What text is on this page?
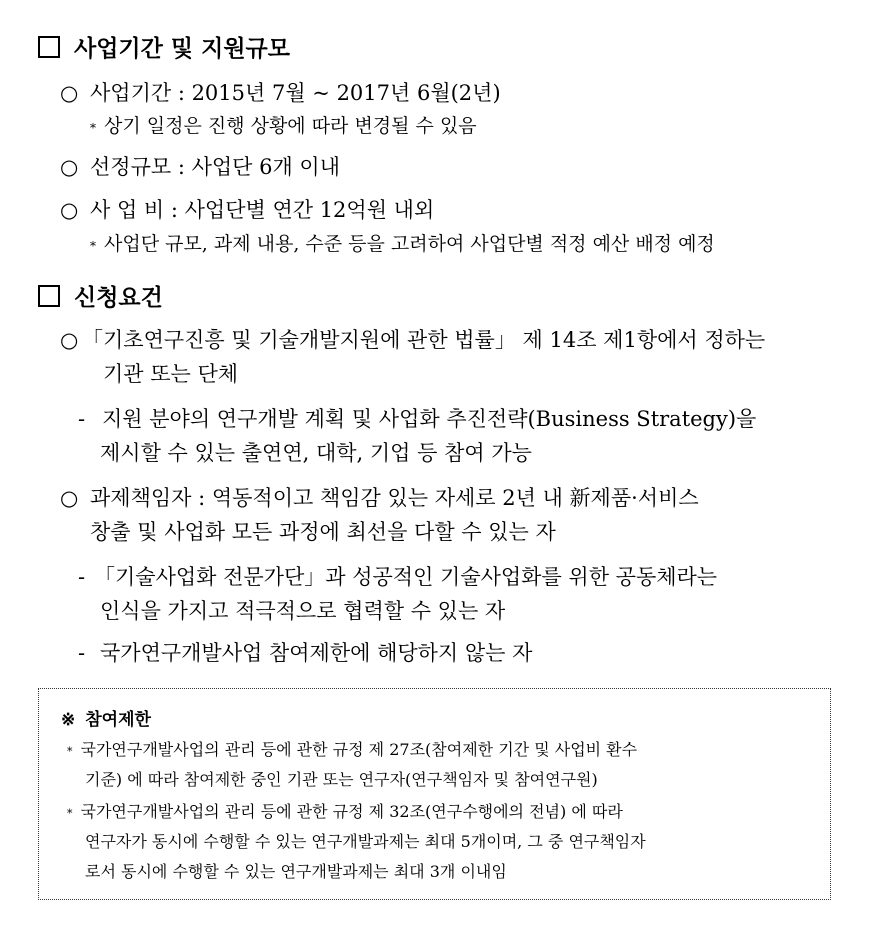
사업기간 및 지원규모
○ 사업기간 : 2015년 7월 ~ 2017년 6월(2년)
* 상기 일정은 진행 상황에 따라 변경될 수 있음
○ 선정규모 : 사업단 6개 이내
○ 사 업 비 : 사업단별 연간 12억원 내외
* 사업단 규모, 과제 내용, 수준 등을 고려하여 사업단별 적정 예산 배정 예정
신청요건
○ 「기초연구진흥 및 기술개발지원에 관한 법률」 제 14조 제1항에서 정하는
기관 또는 단체
- 지원 분야의 연구개발 계획 및 사업화 추진전략(Business Strategy)을
제시할 수 있는 출연연, 대학, 기업 등 참여 가능
○ 과제책임자 : 역동적이고 책임감 있는 자세로 2년 내 新제품·서비스
창출 및 사업화 모든 과정에 최선을 다할 수 있는 자
- 「기술사업화 전문가단」과 성공적인 기술사업화를 위한 공동체라는
인식을 가지고 적극적으로 협력할 수 있는 자
- 국가연구개발사업 참여제한에 해당하지 않는 자
※ 참여제한
* 국가연구개발사업의 관리 등에 관한 규정 제 27조(참여제한 기간 및 사업비 환수
기준) 에 따라 참여제한 중인 기관 또는 연구자(연구책임자 및 참여연구원)
* 국가연구개발사업의 관리 등에 관한 규정 제 32조(연구수행에의 전념) 에 따라
연구자가 동시에 수행할 수 있는 연구개발과제는 최대 5개이며, 그 중 연구책임자
로서 동시에 수행할 수 있는 연구개발과제는 최대 3개 이내임
